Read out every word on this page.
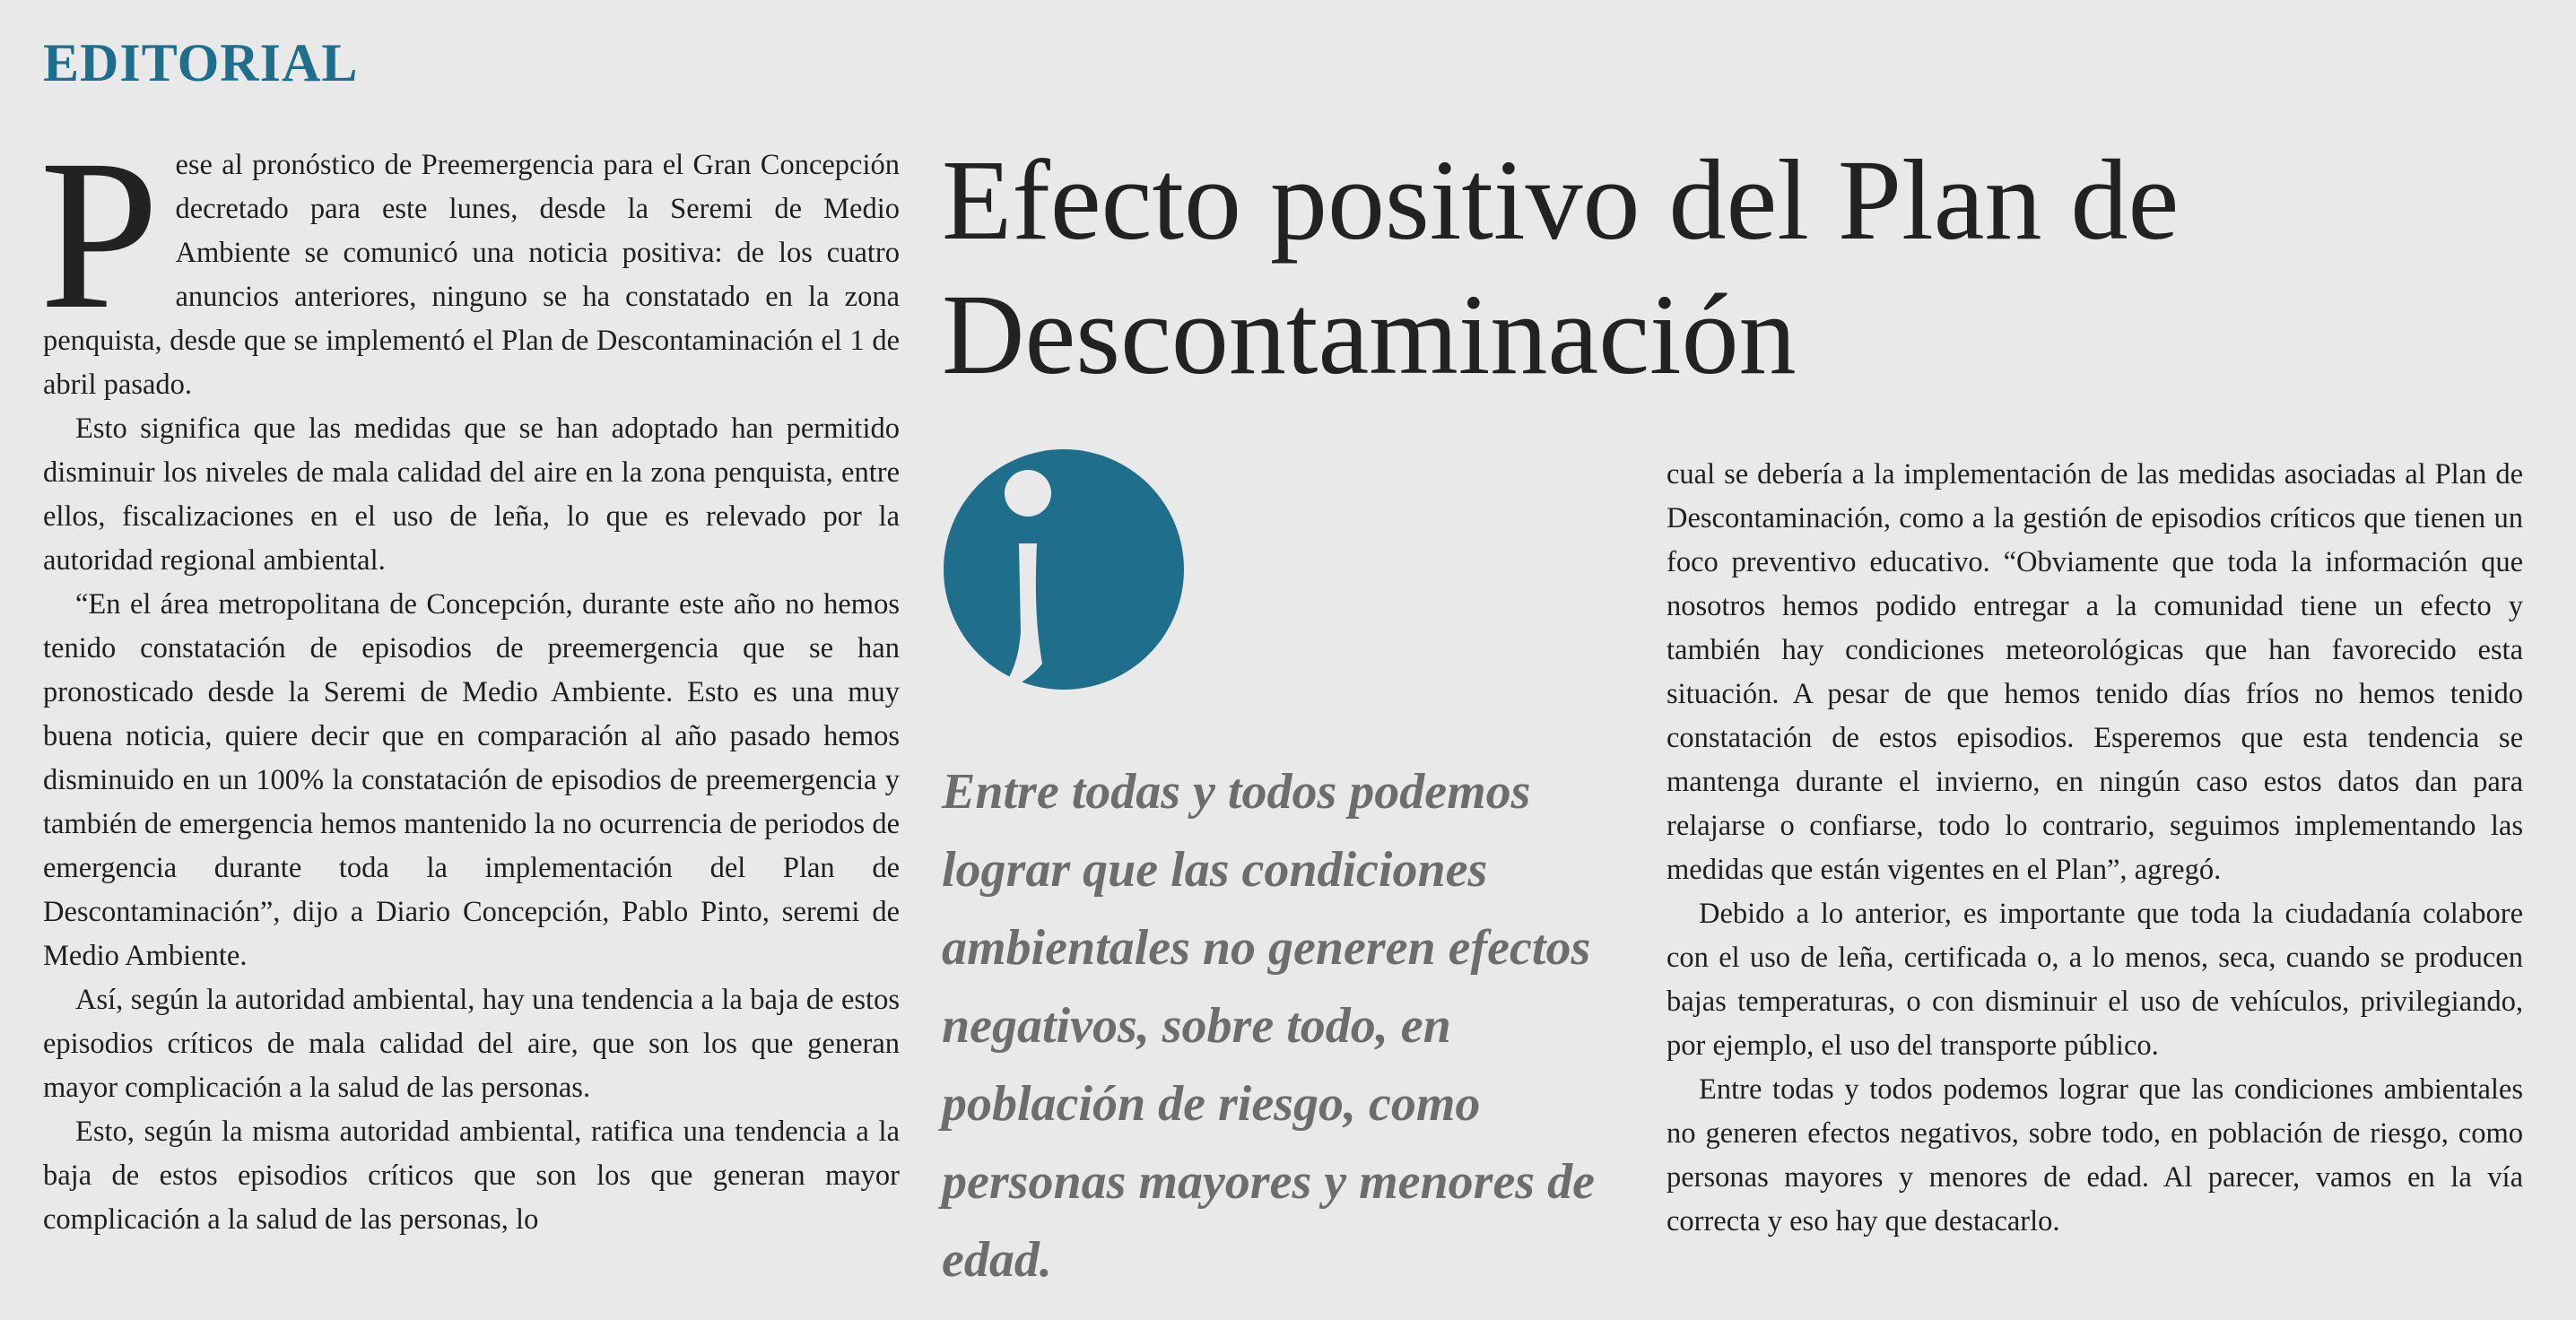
EDITORIAL

Pese al pronóstico de Preemergencia para el Gran Concepción decretado para este lunes, desde la Seremi de Medio Ambiente se comunicó una noticia positiva: de los cuatro anuncios anteriores, ninguno se ha constatado en la zona penquista, desde que se implementó el Plan de Descontaminación el 1 de abril pasado.

Esto significa que las medidas que se han adoptado han permitido disminuir los niveles de mala calidad del aire en la zona penquista, entre ellos, fiscalizaciones en el uso de leña, lo que es relevado por la autoridad regional ambiental.

“En el área metropolitana de Concepción, durante este año no hemos tenido constatación de episodios de preemergencia que se han pronosticado desde la Seremi de Medio Ambiente. Esto es una muy buena noticia, quiere decir que en comparación al año pasado hemos disminuido en un 100% la constatación de episodios de preemergencia y también de emergencia hemos mantenido la no ocurrencia de periodos de emergencia durante toda la implementación del Plan de Descontaminación”, dijo a Diario Concepción, Pablo Pinto, seremi de Medio Ambiente.

Así, según la autoridad ambiental, hay una tendencia a la baja de estos episodios críticos de mala calidad del aire, que son los que generan mayor complicación a la salud de las personas.

Esto, según la misma autoridad ambiental, ratifica una tendencia a la baja de estos episodios críticos que son los que generan mayor complicación a la salud de las personas, lo

Efecto positivo del Plan de Descontaminación

Entre todas y todos podemos lograr que las condiciones ambientales no generen efectos negativos, sobre todo, en población de riesgo, como personas mayores y menores de edad.

cual se debería a la implementación de las medidas asociadas al Plan de Descontaminación, como a la gestión de episodios críticos que tienen un foco preventivo educativo. “Obviamente que toda la información que nosotros hemos podido entregar a la comunidad tiene un efecto y también hay condiciones meteorológicas que han favorecido esta situación. A pesar de que hemos tenido días fríos no hemos tenido constatación de estos episodios. Esperemos que esta tendencia se mantenga durante el invierno, en ningún caso estos datos dan para relajarse o confiarse, todo lo contrario, seguimos implementando las medidas que están vigentes en el Plan”, agregó.

Debido a lo anterior, es importante que toda la ciudadanía colabore con el uso de leña, certificada o, a lo menos, seca, cuando se producen bajas temperaturas, o con disminuir el uso de vehículos, privilegiando, por ejemplo, el uso del transporte público.

Entre todas y todos podemos lograr que las condiciones ambientales no generen efectos negativos, sobre todo, en población de riesgo, como personas mayores y menores de edad. Al parecer, vamos en la vía correcta y eso hay que destacarlo.
